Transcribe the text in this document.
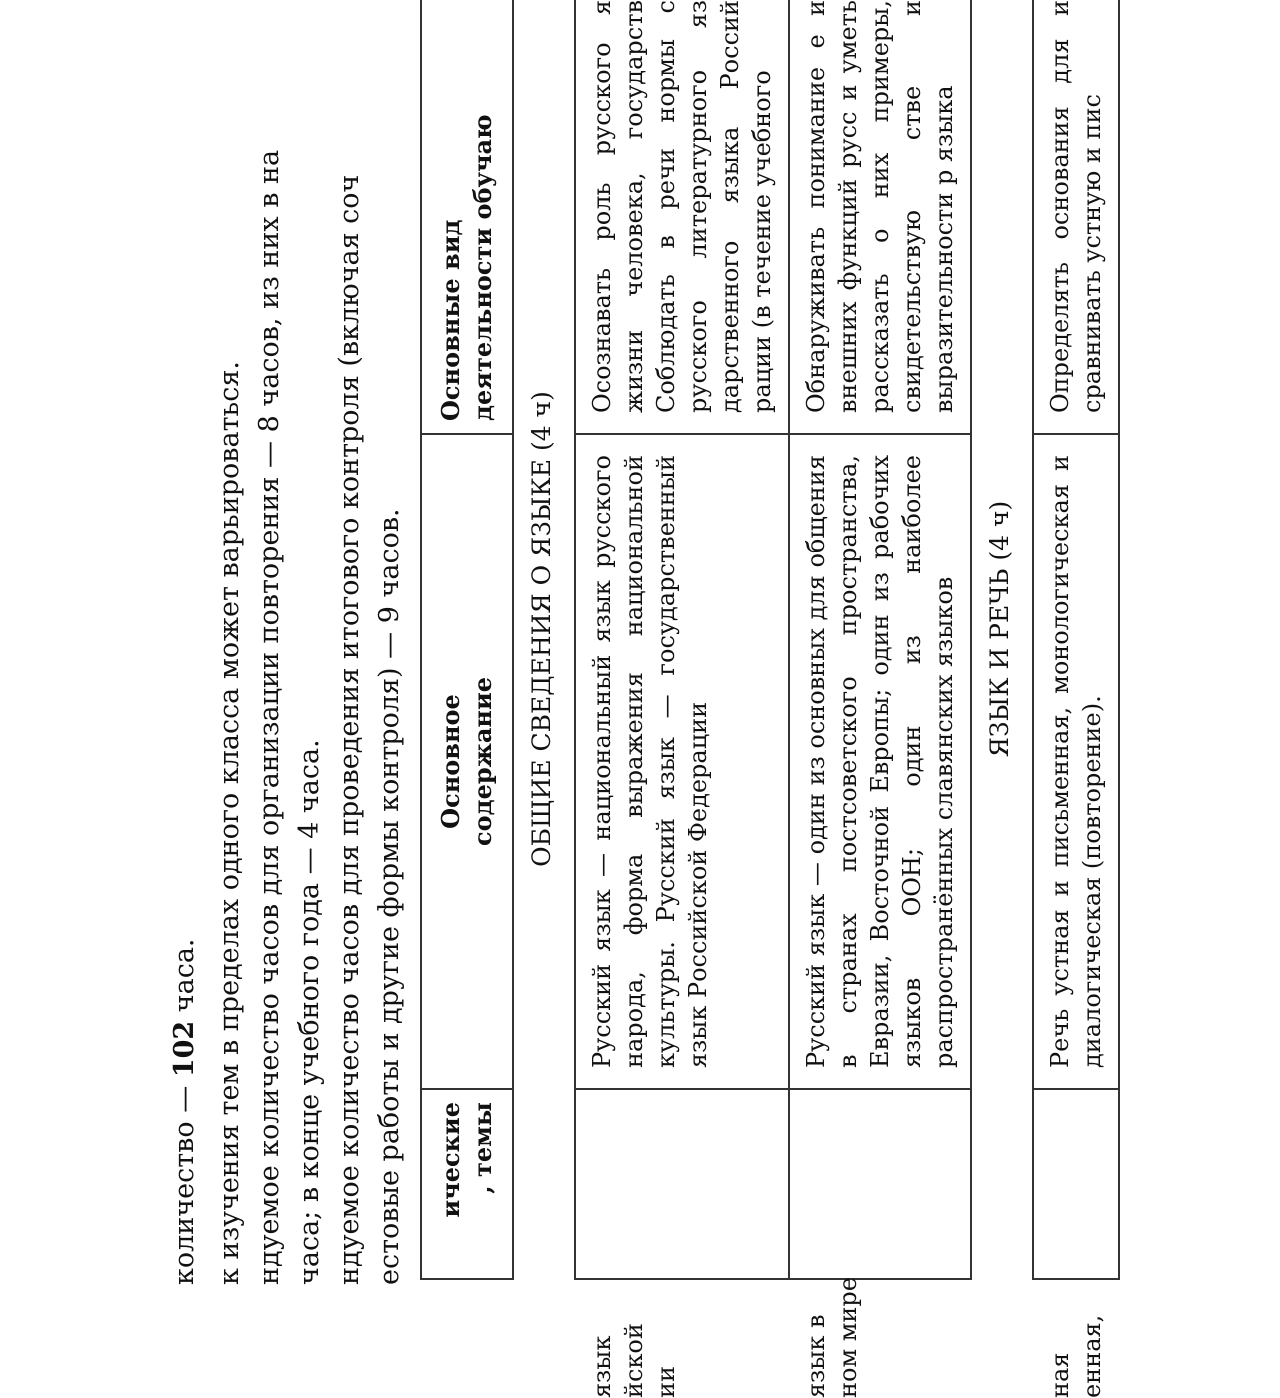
количество — 102 часа. к изучения тем в пределах одного класса может варьироваться. ндуемое количество часов для организации повторения — 8 часов, из них в на часа; в конце учебного года — 4 часа. ндуемое количество часов для проведения итогового контроля (включая соч естовые работы и другие формы контроля) — 9 часов. ические , темы	Основное содержание	Основные вид деятельности обучаю
ОБЩИЕ СВЕДЕНИЯ О ЯЗЫКЕ (4 ч)		

язык йской ии	Русский язык — национальный язык русского народа, форма выражения национальной культуры. Русский язык — государственный язык Российской Федерации	Осознавать роль русского я жизни человека, государств Соблюдать в речи нормы с русского литературного яз дарственного языка Россий рации (в течение учебного

язык в ном мире	Русский язык — один из основных для общения в странах постсоветского пространства, Евразии, Восточной Европы; один из рабочих языков ООН; один из наиболее распространённых славянских языков	Обнаруживать понимание е и внешних функций русс и уметь рассказать о них примеры, свидетельствую стве и выразительности р языка
ЯЗЫК И РЕЧЬ (4 ч)		

ная енная,	Речь устная и письменная, монологическая и диалогическая (повторение).	Определять основания для и сравнивать устную и пис
